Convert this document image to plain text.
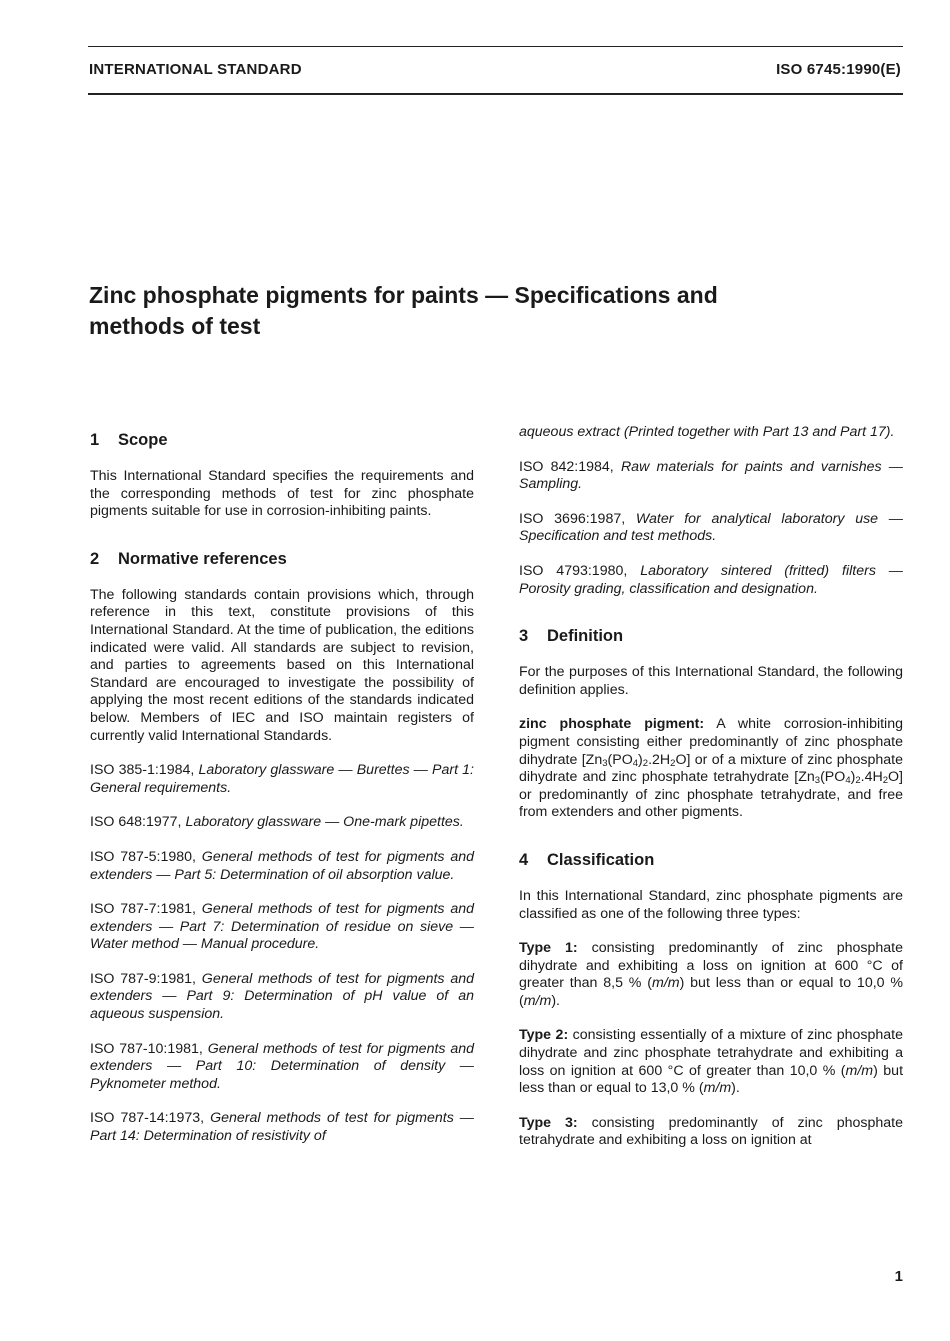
INTERNATIONAL STANDARD	ISO 6745:1990(E)
Zinc phosphate pigments for paints — Specifications and
methods of test
1 Scope

This International Standard specifies the requirements and the corresponding methods of test for zinc phosphate pigments suitable for use in corrosion-inhibiting paints.

2 Normative references

The following standards contain provisions which, through reference in this text, constitute provisions of this International Standard. At the time of publication, the editions indicated were valid. All standards are subject to revision, and parties to agreements based on this International Standard are encouraged to investigate the possibility of applying the most recent editions of the standards indicated below. Members of IEC and ISO maintain registers of currently valid International Standards.

ISO 385-1:1984, Laboratory glassware — Burettes — Part 1: General requirements.

ISO 648:1977, Laboratory glassware — One-mark pipettes.

ISO 787-5:1980, General methods of test for pigments and extenders — Part 5: Determination of oil absorption value.

ISO 787-7:1981, General methods of test for pigments and extenders — Part 7: Determination of residue on sieve — Water method — Manual procedure.

ISO 787-9:1981, General methods of test for pigments and extenders — Part 9: Determination of pH value of an aqueous suspension.

ISO 787-10:1981, General methods of test for pigments and extenders — Part 10: Determination of density — Pyknometer method.

ISO 787-14:1973, General methods of test for pigments — Part 14: Determination of resistivity of

aqueous extract (Printed together with Part 13 and Part 17).

ISO 842:1984, Raw materials for paints and varnishes — Sampling.

ISO 3696:1987, Water for analytical laboratory use — Specification and test methods.

ISO 4793:1980, Laboratory sintered (fritted) filters — Porosity grading, classification and designation.

3 Definition

For the purposes of this International Standard, the following definition applies.

zinc phosphate pigment: A white corrosion-inhibiting pigment consisting either predominantly of zinc phosphate dihydrate $[Zn_3(PO_4)_2.2H_2O]$ or of a mixture of zinc phosphate dihydrate and zinc phosphate tetrahydrate $[Zn_3(PO_4)_2.4H_2O]$ or predominantly of zinc phosphate tetrahydrate, and free from extenders and other pigments.

4 Classification

In this International Standard, zinc phosphate pigments are classified as one of the following three types:

Type 1: consisting predominantly of zinc phosphate dihydrate and exhibiting a loss on ignition at 600 °C of greater than 8,5 % (m/m) but less than or equal to 10,0 % (m/m).

Type 2: consisting essentially of a mixture of zinc phosphate dihydrate and zinc phosphate tetrahydrate and exhibiting a loss on ignition at 600 °C of greater than 10,0 % (m/m) but less than or equal to 13,0 % (m/m).

Type 3: consisting predominantly of zinc phosphate tetrahydrate and exhibiting a loss on ignition at

1
